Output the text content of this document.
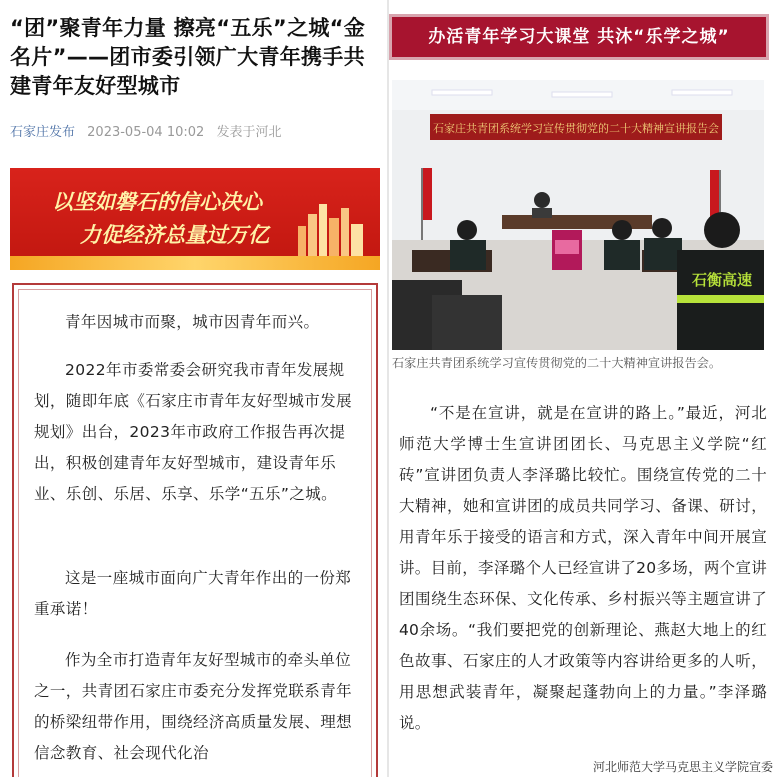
“团”聚青年力量 擦亮“五乐”之城“金名片”——团市委引领广大青年携手共建青年友好型城市
石家庄发布 2023-05-04 10:02 发表于河北
以坚如磐石的信心决心
力促经济总量过万亿
青年因城市而聚，城市因青年而兴。
2022年市委常委会研究我市青年发展规划，随即年底《石家庄市青年友好型城市发展规划》出台，2023年市政府工作报告再次提出，积极创建青年友好型城市，建设青年乐业、乐创、乐居、乐享、乐学“五乐”之城。
这是一座城市面向广大青年作出的一份郑重承诺！
作为全市打造青年友好型城市的牵头单位之一，共青团石家庄市委充分发挥党联系青年的桥梁纽带作用，围绕经济高质量发展、理想信念教育、社会现代化治
办活青年学习大课堂 共沐“乐学之城”
石家庄共青团系统学习宣传贯彻党的二十大精神宣讲报告会
石衡高速
石家庄共青团系统学习宣传贯彻党的二十大精神宣讲报告会。
“不是在宣讲，就是在宣讲的路上。”最近，河北师范大学博士生宣讲团团长、马克思主义学院“红砖”宣讲团负责人李泽璐比较忙。围绕宣传党的二十大精神，她和宣讲团的成员共同学习、备课、研讨，用青年乐于接受的语言和方式，深入青年中间开展宣讲。目前，李泽璐个人已经宣讲了20多场，两个宣讲团围绕生态环保、文化传承、乡村振兴等主题宣讲了40余场。“我们要把党的创新理论、燕赵大地上的红色故事、石家庄的人才政策等内容讲给更多的人听，用思想武装青年，凝聚起蓬勃向上的力量。”李泽璐说。
河北师范大学马克思主义学院宣委
